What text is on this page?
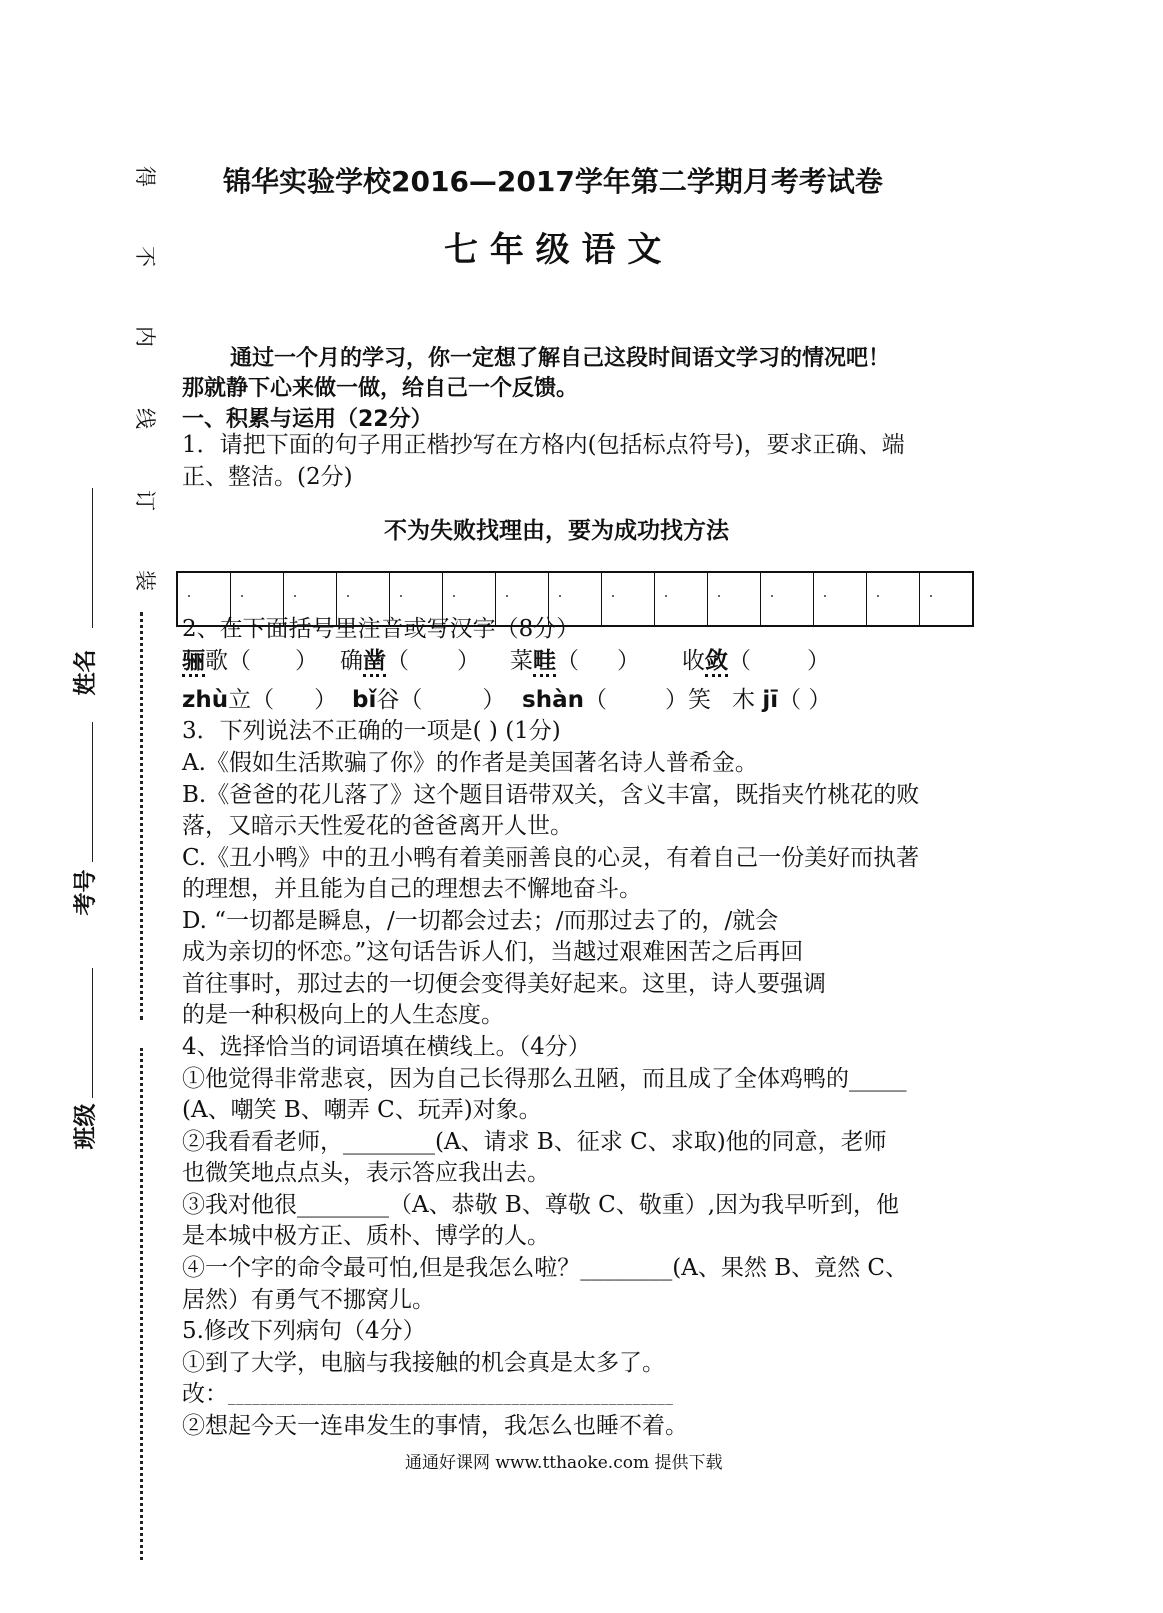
得
不
内
线
订
装
姓名
考号
班级
锦华实验学校2016—2017学年第二学期月考考试卷
七 年 级 语 文
通过一个月的学习，你一定想了解自己这段时间语文学习的情况吧！
那就静下心来做一做，给自己一个反馈。
一、积累与运用（22分）
1．请把下面的句子用正楷抄写在方格内(包括标点符号)，要求正确、端
正、整洁。(2分)
不为失败找理由，要为成功找方法
2、在下面括号里注音或写汉字（8分）
骊歌（ ） 确凿（ ） 菜畦（ ） 收敛（ ）
zhù立（ ） bǐ谷（	） shàn（	）笑 木 jī（ ）
3．下列说法不正确的一项是( ) (1分)
A.《假如生活欺骗了你》的作者是美国著名诗人普希金。
B.《爸爸的花儿落了》这个题目语带双关，含义丰富，既指夹竹桃花的败
落，又暗示天性爱花的爸爸离开人世。
C.《丑小鸭》中的丑小鸭有着美丽善良的心灵，有着自己一份美好而执著
的理想，并且能为自己的理想去不懈地奋斗。
D. “一切都是瞬息，/一切都会过去；/而那过去了的，/就会
成为亲切的怀恋。”这句话告诉人们，当越过艰难困苦之后再回
首往事时，那过去的一切便会变得美好起来。这里，诗人要强调
的是一种积极向上的人生态度。
4、选择恰当的词语填在横线上。（4分）
①他觉得非常悲哀，因为自己长得那么丑陋，而且成了全体鸡鸭的_____
(A、嘲笑 B、嘲弄 C、玩弄)对象。
②我看看老师，________(A、请求 B、征求 C、求取)他的同意，老师
也微笑地点点头，表示答应我出去。
③我对他很________（A、恭敬 B、尊敬 C、敬重）,因为我早听到，他
是本城中极方正、质朴、博学的人。
④一个字的命令最可怕,但是我怎么啦？________(A、果然 B、竟然 C、
居然）有勇气不挪窝儿。
5.修改下列病句（4分）
①到了大学，电脑与我接触的机会真是太多了。
改：_______________________________________________________
②想起今天一连串发生的事情，我怎么也睡不着。
通通好课网 www.tthaoke.com 提供下载
